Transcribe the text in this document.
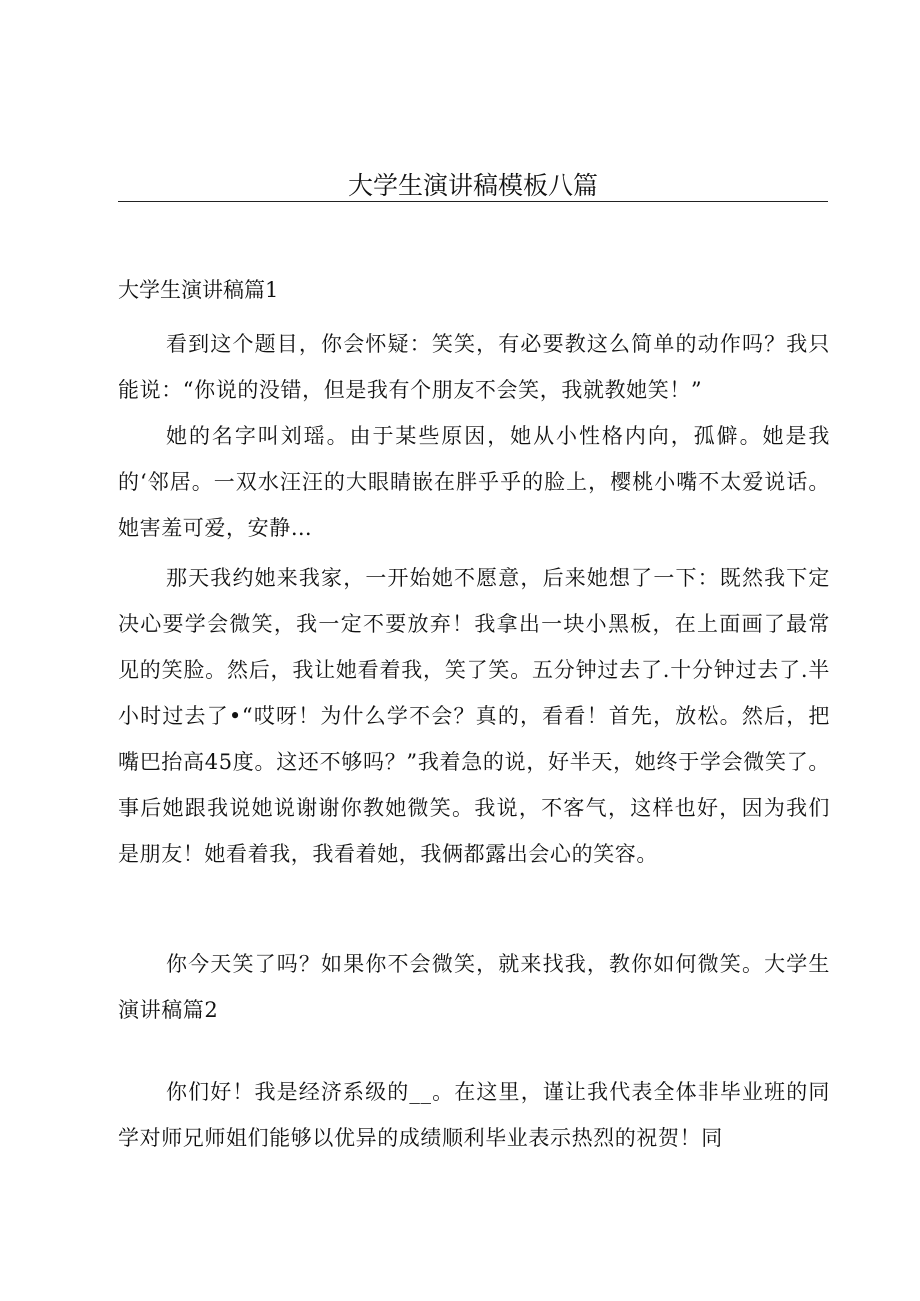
大学生演讲稿模板八篇
大学生演讲稿篇1

看到这个题目，你会怀疑：笑笑，有必要教这么简单的动作吗？我只能说：“你说的没错，但是我有个朋友不会笑，我就教她笑！”

她的名字叫刘瑶。由于某些原因，她从小性格内向，孤僻。她是我的‘邻居。一双水汪汪的大眼睛嵌在胖乎乎的脸上，樱桃小嘴不太爱说话。她害羞可爱，安静…

那天我约她来我家，一开始她不愿意，后来她想了一下：既然我下定决心要学会微笑，我一定不要放弃！我拿出一块小黑板，在上面画了最常见的笑脸。然后，我让她看着我，笑了笑。五分钟过去了.十分钟过去了.半小时过去了•“哎呀！为什么学不会？真的，看看！首先，放松。然后，把嘴巴抬高45度。这还不够吗？”我着急的说，好半天，她终于学会微笑了。事后她跟我说她说谢谢你教她微笑。我说，不客气，这样也好，因为我们是朋友！她看着我，我看着她，我俩都露出会心的笑容。

你今天笑了吗？如果你不会微笑，就来找我，教你如何微笑。大学生演讲稿篇2

你们好！我是经济系级的__。在这里，谨让我代表全体非毕业班的同学对师兄师姐们能够以优异的成绩顺利毕业表示热烈的祝贺！同
